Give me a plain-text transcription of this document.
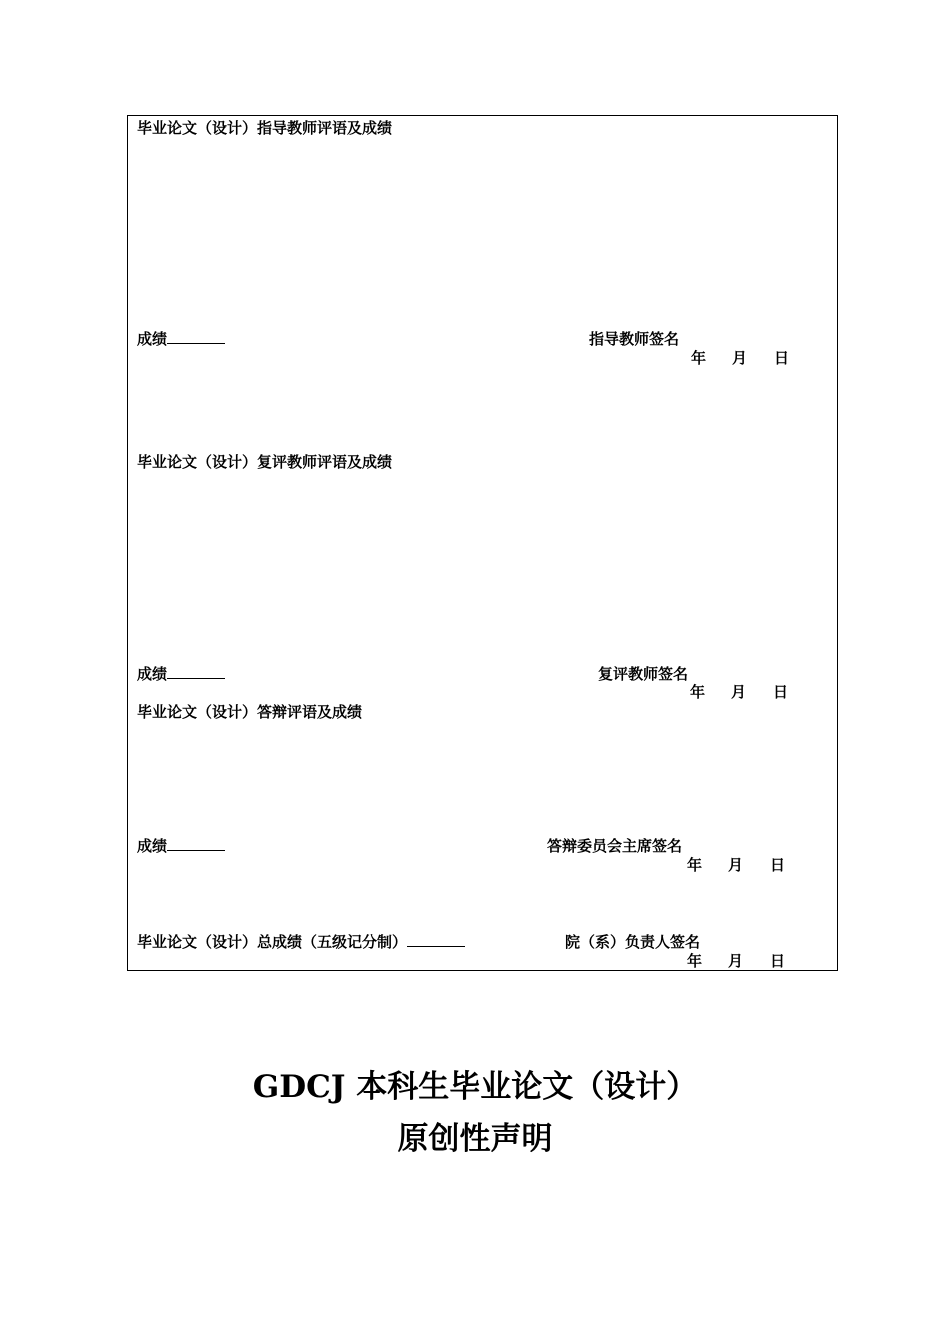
毕业论文（设计）指导教师评语及成绩
成绩	指导教师签名
年 月 日
毕业论文（设计）复评教师评语及成绩
成绩	复评教师签名
年 月 日
毕业论文（设计）答辩评语及成绩
成绩	答辩委员会主席签名
年 月 日
毕业论文（设计）总成绩（五级记分制）	院（系）负责人签名
年 月 日
GDCJ 本科生毕业论文（设计）
原创性声明
